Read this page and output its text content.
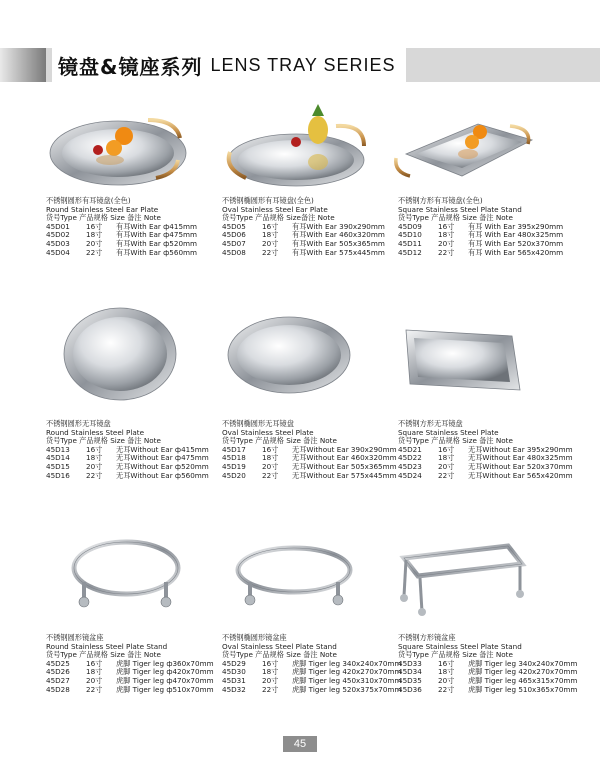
镜盘&镜座系列 LENS TRAY SERIES
不锈钢圆形有耳镜盘(全色)
Round Stainless Steel Ear Plate
货号Type 产品规格 Size 备注 Note
45D01 16寸 有耳With Ear ф415mm
45D02 18寸 有耳With Ear ф475mm
45D03 20寸 有耳With Ear ф520mm
45D04 22寸 有耳With Ear ф560mm
不锈钢椭圆形有耳镜盘(全色)
Oval Stainless Steel Ear Plate
货号Type 产品规格 Size备注 Note
45D05 16寸 有耳With Ear 390x290mm
45D06 18寸 有耳With Ear 460x320mm
45D07 20寸 有耳With Ear 505x365mm
45D08 22寸 有耳With Ear 575x445mm
不锈钢方形有耳镜盘(全色)
Square Stainless Steel Plate Stand
货号Type 产品规格 Size 备注 Note
45D09 16寸 有耳 With Ear 395x290mm
45D10 18寸 有耳 With Ear 480x325mm
45D11 20寸 有耳 With Ear 520x370mm
45D12 22寸 有耳 With Ear 565x420mm
不锈钢圆形无耳镜盘
Round Stainless Steel Plate
货号Type 产品规格 Size 备注 Note
45D13 16寸 无耳Without Ear ф415mm
45D14 18寸 无耳Without Ear ф475mm
45D15 20寸 无耳Without Ear ф520mm
45D16 22寸 无耳Without Ear ф560mm
不锈钢椭圆形无耳镜盘
Oval Stainless Steel Plate
货号Type 产品规格 Size 备注 Note
45D17 16寸 无耳Without Ear 390x290mm
45D18 18寸 无耳Without Ear 460x320mm
45D19 20寸 无耳Without Ear 505x365mm
45D20 22寸 无耳Without Ear 575x445mm
不锈钢方形无耳镜盘
Square Stainless Steel Plate
货号Type 产品规格 Size 备注 Note
45D21 16寸 无耳Without Ear 395x290mm
45D22 18寸 无耳Without Ear 480x325mm
45D23 20寸 无耳Without Ear 520x370mm
45D24 22寸 无耳Without Ear 565x420mm
不锈钢圆形镜盆座
Round Stainless Steel Plate Stand
货号Type 产品规格 Size 备注 Note
45D25 16寸 虎脚 Tiger leg ф360x70mm
45D26 18寸 虎脚 Tiger leg ф420x70mm
45D27 20寸 虎脚 Tiger leg ф470x70mm
45D28 22寸 虎脚 Tiger leg ф510x70mm
不锈钢椭圆形镜盆座
Oval Stainless Steel Plate Stand
货号Type 产品规格 Size 备注 Note
45D29 16寸 虎脚 Tiger leg 340x240x70mm
45D30 18寸 虎脚 Tiger leg 420x270x70mm
45D31 20寸 虎脚 Tiger leg 450x310x70mm
45D32 22寸 虎脚 Tiger leg 520x375x70mm
不锈钢方形镜盆座
Square Stainless Steel Plate Stand
货号Type 产品规格 Size 备注 Note
45D33 16寸 虎脚 Tiger leg 340x240x70mm
45D34 18寸 虎脚 Tiger leg 420x270x70mm
45D35 20寸 虎脚 Tiger leg 465x315x70mm
45D36 22寸 虎脚 Tiger leg 510x365x70mm
45
